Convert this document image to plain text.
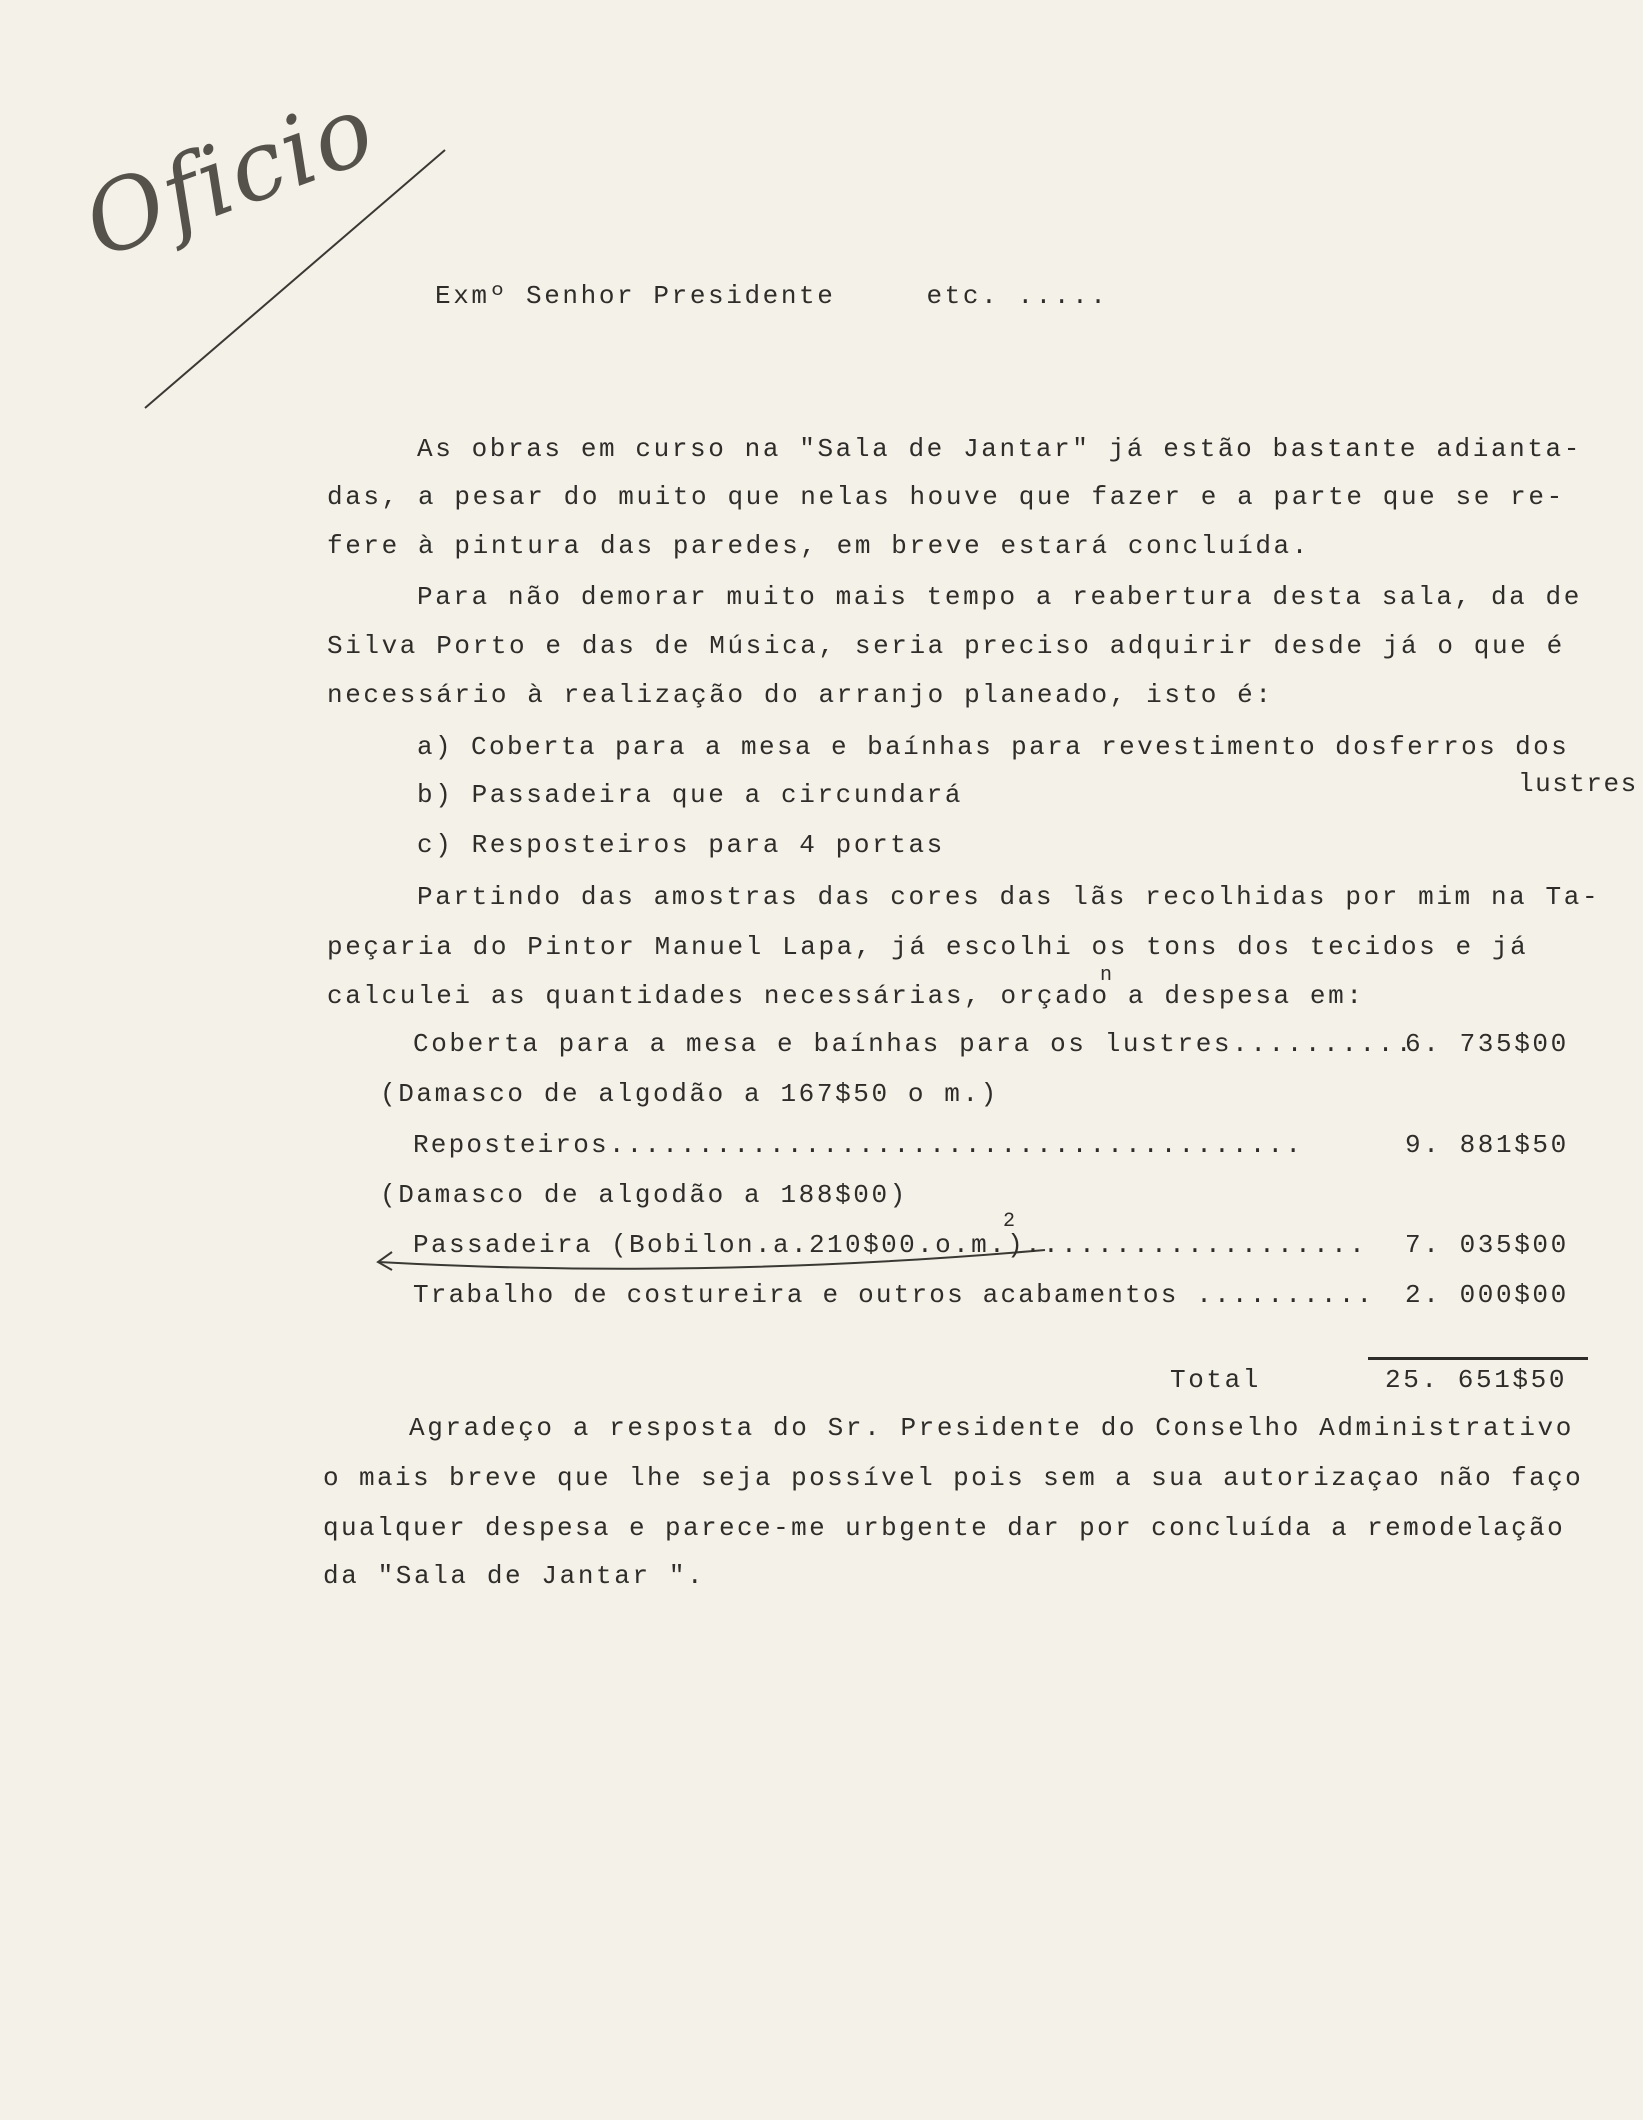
Oficio
Exmº Senhor Presidente     etc. .....
As obras em curso na "Sala de Jantar" já estão bastante adianta-
das, a pesar do muito que nelas houve que fazer e a parte que se re-
fere à pintura das paredes, em breve estará concluída.
Para não demorar muito mais tempo a reabertura desta sala, da de
Silva Porto e das de Música, seria preciso adquirir desde já o que é
necessário à realização do arranjo planeado, isto é:
a) Coberta para a mesa e baínhas para revestimento dosferros dos
lustres
b) Passadeira que a circundará
c) Resposteiros para 4 portas
Partindo das amostras das cores das lãs recolhidas por mim na Ta-
peçaria do Pintor Manuel Lapa, já escolhi os tons dos tecidos e já
n
calculei as quantidades necessárias, orçado a despesa em:
Coberta para a mesa e baínhas para os lustres..........
6. 735$00
(Damasco de algodão a 167$50 o m.)
Reposteiros.......................................	9. 881$50
(Damasco de algodão a 188$00)
2
Passadeira (Bobilon.a.210$00.o.m.)................... 7. 035$00
Trabalho de costureira e outros acabamentos .......... 2. 000$00
Total	25. 651$50
Agradeço a resposta do Sr. Presidente do Conselho Administrativo
o mais breve que lhe seja possível pois sem a sua autorizaçao não faço
qualquer despesa e parece-me urbgente dar por concluída a remodelação
da "Sala de Jantar ".
